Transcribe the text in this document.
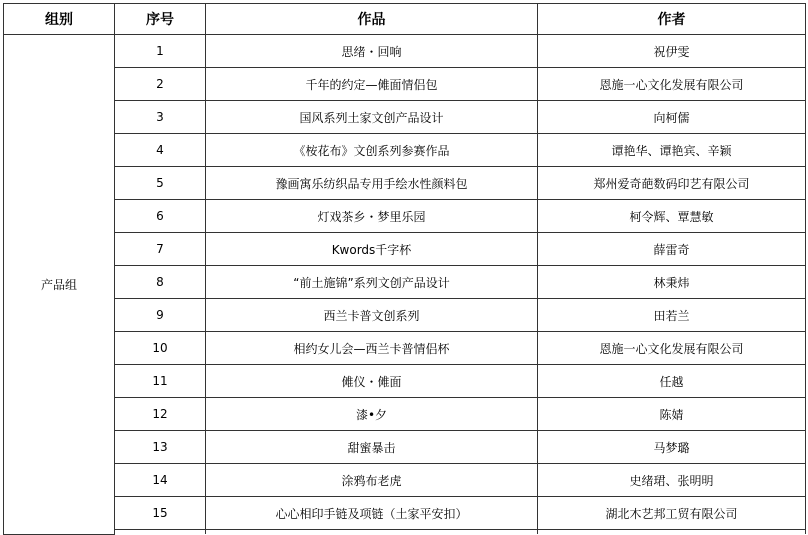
组别	序号	作品	作者
产品组	1	思绪・回响	祝伊雯
	2	千年的约定—傩面情侣包	恩施一心文化发展有限公司
	3	国风系列土家文创产品设计	向柯儒
	4	《桉花布》文创系列参赛作品	谭艳华、谭艳宾、辛颖
	5	豫画寓乐纺织品专用手绘水性颜料包	郑州爱奇葩数码印艺有限公司
	6	灯戏茶乡・梦里乐园	柯令辉、覃慧敏
	7	Kwords千字杯	薛雷奇
	8	“前土施锦”系列文创产品设计	林秉炜
	9	西兰卡普文创系列	田若兰
	10	相约女儿会—西兰卡普情侣杯	恩施一心文化发展有限公司
	11	傩仪・傩面	任越
	12	漆•夕	陈婧
	13	甜蜜暴击	马梦璐
	14	涂鸦布老虎	史绪珺、张明明
	15	心心相印手链及项链（土家平安扣）	湖北木艺邦工贸有限公司
